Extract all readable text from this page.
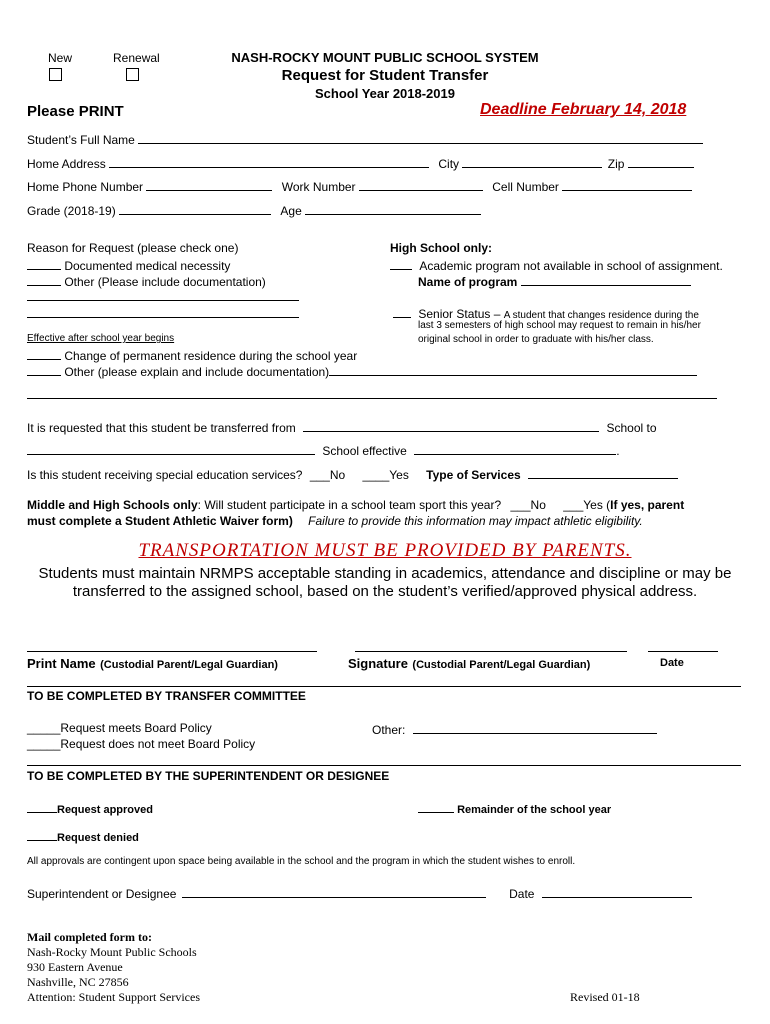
New	Renewal	NASH-ROCKY MOUNT PUBLIC SCHOOL SYSTEM
Request for Student Transfer
School Year 2018-2019
Please PRINT	Deadline February 14, 2018
Student’s Full Name
Home Address	City	Zip
Home Phone Number	Work Number	Cell Number
Grade (2018-19)	Age
Reason for Request (please check one)
Documented medical necessity
Other (Please include documentation)
Effective after school year begins
Change of permanent residence during the school year
Other (please explain and include documentation)
High School only:
Academic program not available in school of assignment.
Name of program
Senior Status – A student that changes residence during the
last 3 semesters of high school may request to remain in his/her
original school in order to graduate with his/her class.
It is requested that this student be transferred from	School to
School effective	.
Is this student receiving special education services? ___No ____Yes Type of Services
Middle and High Schools only: Will student participate in a school team sport this year? ___No ___Yes (If yes, parent
must complete a Student Athletic Waiver form) Failure to provide this information may impact athletic eligibility.
TRANSPORTATION MUST BE PROVIDED BY PARENTS.
Students must maintain NRMPS acceptable standing in academics, attendance and discipline or may be
transferred to the assigned school, based on the student’s verified/approved physical address.
Print Name (Custodial Parent/Legal Guardian)	Signature (Custodial Parent/Legal Guardian)	Date
TO BE COMPLETED BY TRANSFER COMMITTEE
_____Request meets Board Policy
_____Request does not meet Board Policy
Other:
TO BE COMPLETED BY THE SUPERINTENDENT OR DESIGNEE
Request approved	Remainder of the school year
Request denied
All approvals are contingent upon space being available in the school and the program in which the student wishes to enroll.
Superintendent or Designee	Date
Mail completed form to:
Nash-Rocky Mount Public Schools
930 Eastern Avenue
Nashville, NC 27856
Attention: Student Support Services	Revised 01-18
